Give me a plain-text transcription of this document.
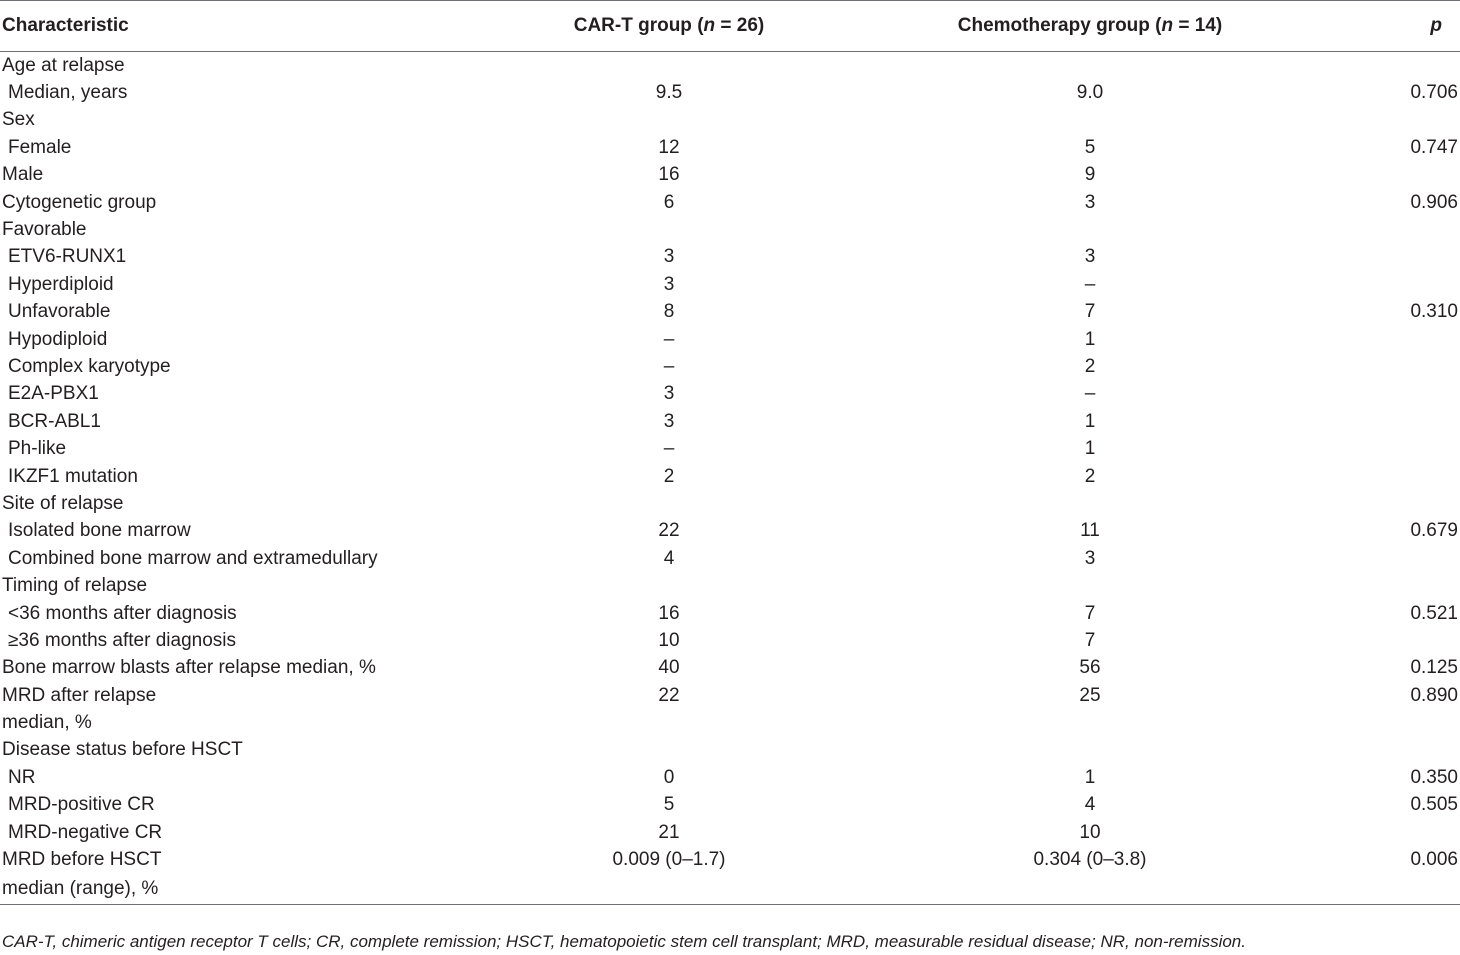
Characteristic	CAR-T group (n = 26)	Chemotherapy group (n = 14)	p
Age at relapse			
Median, years	9.5	9.0	0.706
Sex			
Female	12	5	0.747
Male	16	9	
Cytogenetic group	6	3	0.906
Favorable			
ETV6-RUNX1	3	3	
Hyperdiploid	3	–	
Unfavorable	8	7	0.310
Hypodiploid	–	1	
Complex karyotype	–	2	
E2A-PBX1	3	–	
BCR-ABL1	3	1	
Ph-like	–	1	
IKZF1 mutation	2	2	
Site of relapse			
Isolated bone marrow	22	11	0.679
Combined bone marrow and extramedullary	4	3	
Timing of relapse			
<36 months after diagnosis	16	7	0.521
≥36 months after diagnosis	10	7	
Bone marrow blasts after relapse median, %	40	56	0.125
MRD after relapse	22	25	0.890
median, %			
Disease status before HSCT			
NR	0	1	0.350
MRD-positive CR	5	4	0.505
MRD-negative CR	21	10	
MRD before HSCT	0.009 (0–1.7)	0.304 (0–3.8)	0.006
median (range), %			
CAR-T, chimeric antigen receptor T cells; CR, complete remission; HSCT, hematopoietic stem cell transplant; MRD, measurable residual disease; NR, non-remission.
